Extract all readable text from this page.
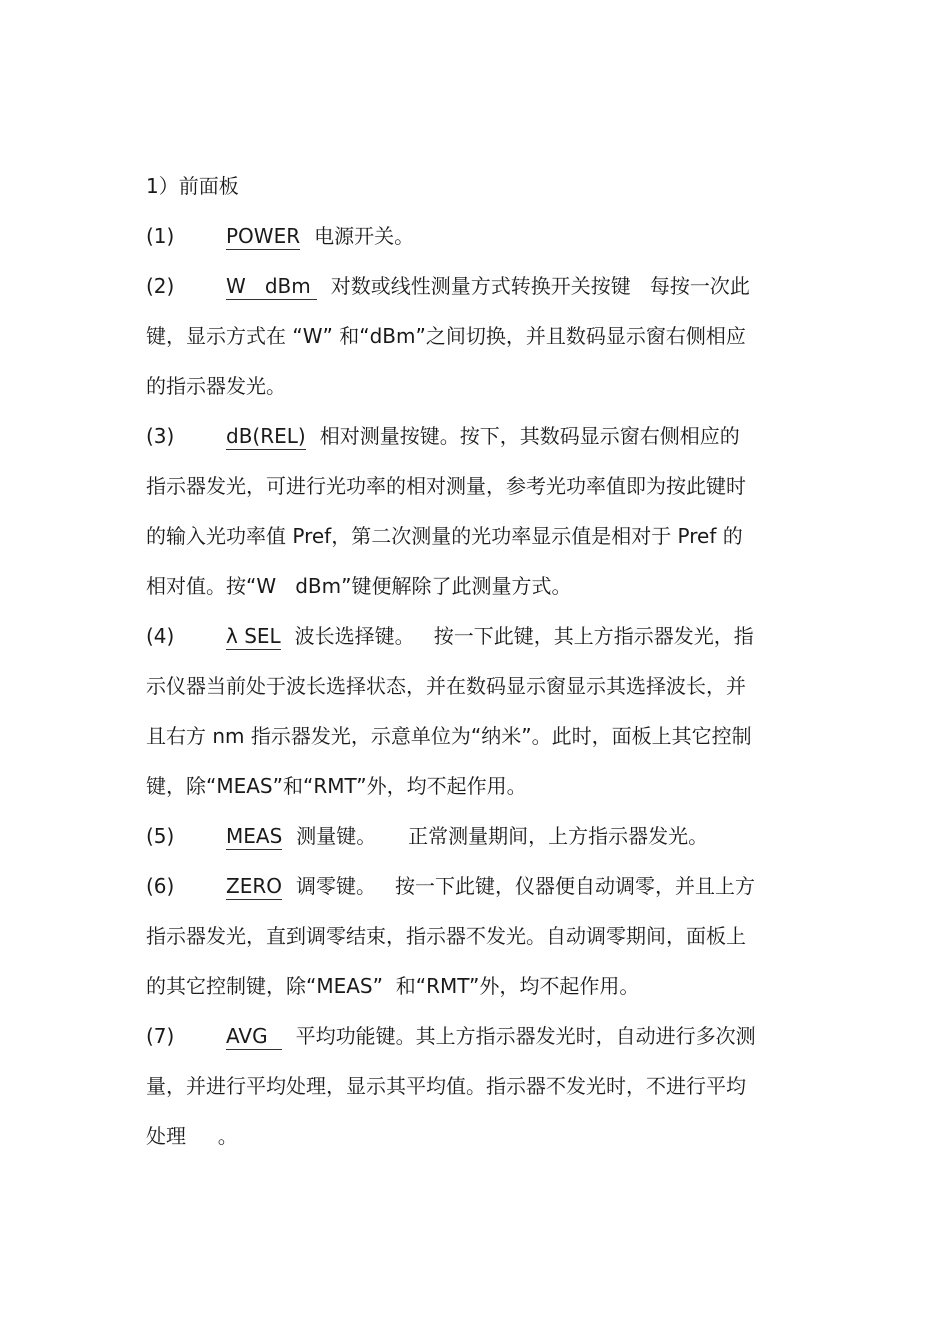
1）前面板
(1)	POWER 电源开关。
(2)	W   dBm 对数或线性测量方式转换开关按键   每按一次此
键，显示方式在 “W” 和“dBm”之间切换，并且数码显示窗右侧相应
的指示器发光。
(3)	dB(REL) 相对测量按键。按下，其数码显示窗右侧相应的
指示器发光，可进行光功率的相对测量，参考光功率值即为按此键时
的输入光功率值 Pref，第二次测量的光功率显示值是相对于 Pref 的
相对值。按“W   dBm”键便解除了此测量方式。
(4)	λ SEL 波长选择键。   按一下此键，其上方指示器发光，指
示仪器当前处于波长选择状态，并在数码显示窗显示其选择波长，并
且右方 nm 指示器发光，示意单位为“纳米”。此时，面板上其它控制
键，除“MEAS”和“RMT”外，均不起作用。
(5)	MEAS 测量键。     正常测量期间，上方指示器发光。
(6)	ZERO 调零键。   按一下此键，仪器便自动调零，并且上方
指示器发光，直到调零结束，指示器不发光。自动调零期间，面板上
的其它控制键，除“MEAS”  和“RMT”外，均不起作用。
(7)	AVG 平均功能键。其上方指示器发光时，自动进行多次测
量，并进行平均处理，显示其平均值。指示器不发光时，不进行平均
处理     。
